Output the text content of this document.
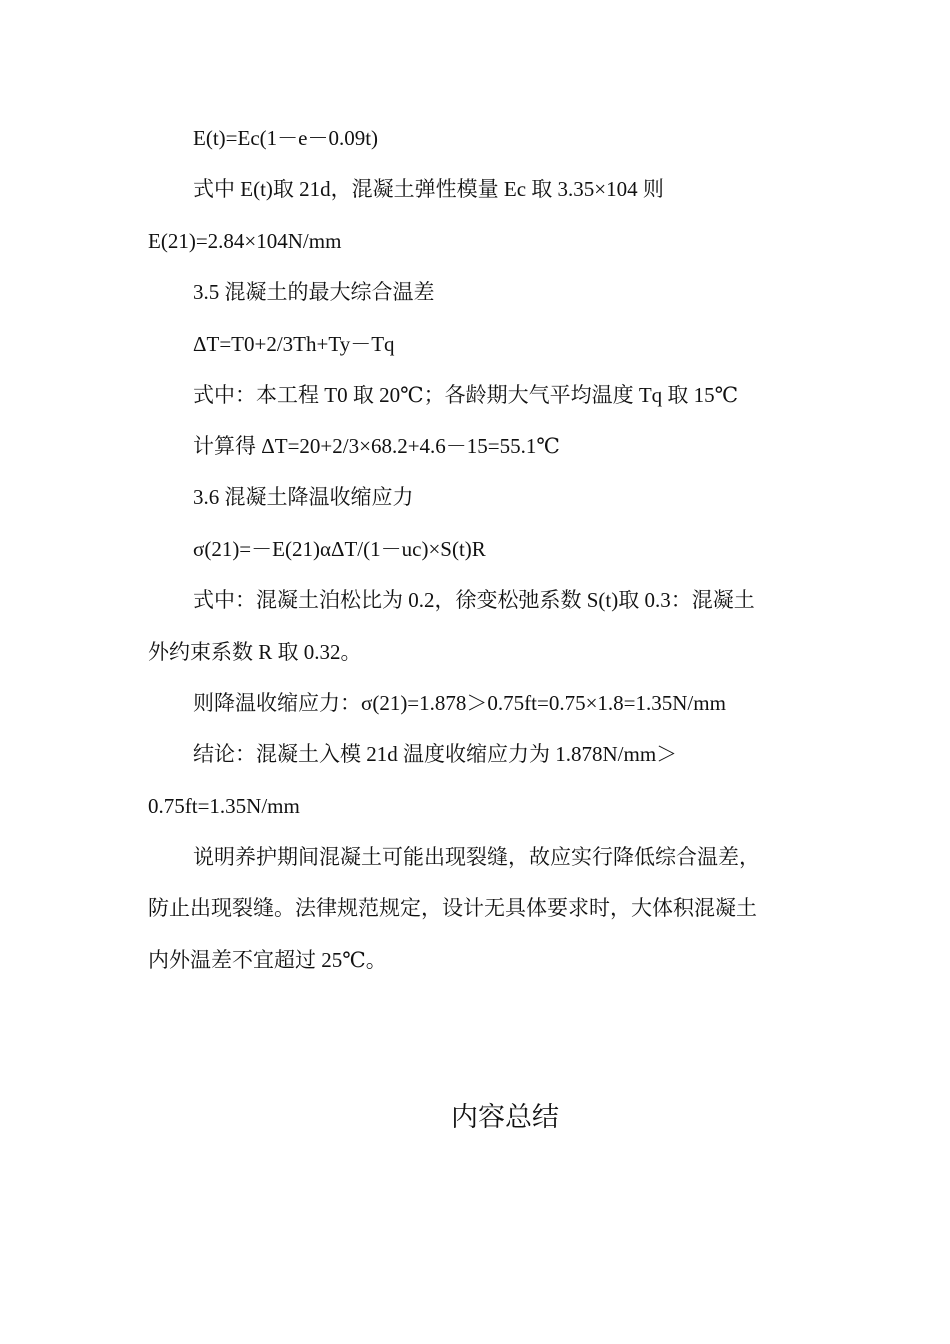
E(t)=Ec(1－e－0.09t)
式中 E(t)取 21d，混凝土弹性模量 Ec 取 3.35×104 则
E(21)=2.84×104N/mm
3.5 混凝土的最大综合温差
ΔT=T0+2/3Th+Ty－Tq
式中：本工程 T0 取 20℃；各龄期大气平均温度 Tq 取 15℃
计算得 ΔT=20+2/3×68.2+4.6－15=55.1℃
3.6 混凝土降温收缩应力
σ(21)=－E(21)αΔT/(1－uc)×S(t)R
式中：混凝土泊松比为 0.2，徐变松弛系数 S(t)取 0.3：混凝土
外约束系数 R 取 0.32。
则降温收缩应力：σ(21)=1.878＞0.75ft=0.75×1.8=1.35N/mm
结论：混凝土入模 21d 温度收缩应力为 1.878N/mm＞
0.75ft=1.35N/mm
说明养护期间混凝土可能出现裂缝，故应实行降低综合温差，
防止出现裂缝。法律规范规定，设计无具体要求时，大体积混凝土
内外温差不宜超过 25℃。
内容总结
